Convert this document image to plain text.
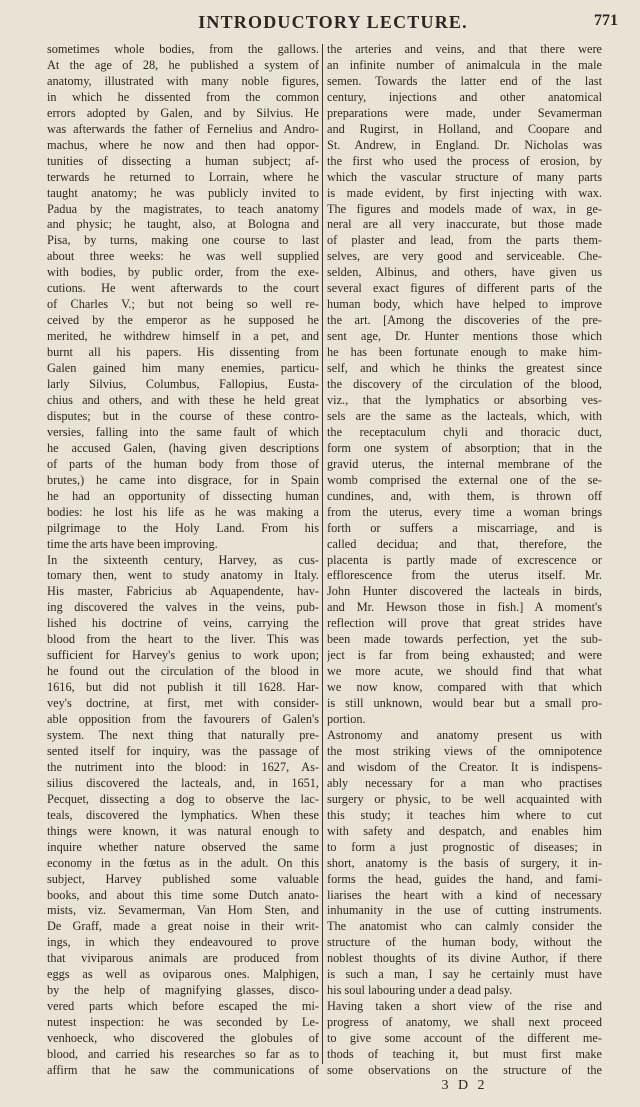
INTRODUCTORY LECTURE.	771
sometimes whole bodies, from the gallows.
At the age of 28, he published a system of
anatomy, illustrated with many noble figures,
in which he dissented from the common
errors adopted by Galen, and by Silvius. He
was afterwards the father of Fernelius and Andro-
machus, where he now and then had oppor-
tunities of dissecting a human subject; af-
terwards he returned to Lorrain, where he
taught anatomy; he was publicly invited to
Padua by the magistrates, to teach anatomy
and physic; he taught, also, at Bologna and
Pisa, by turns, making one course to last
about three weeks: he was well supplied
with bodies, by public order, from the exe-
cutions. He went afterwards to the court
of Charles V.; but not being so well re-
ceived by the emperor as he supposed he
merited, he withdrew himself in a pet, and
burnt all his papers. His dissenting from
Galen gained him many enemies, particu-
larly Silvius, Columbus, Fallopius, Eusta-
chius and others, and with these he held great
disputes; but in the course of these contro-
versies, falling into the same fault of which
he accused Galen, (having given descriptions
of parts of the human body from those of
brutes,) he came into disgrace, for in Spain
he had an opportunity of dissecting human
bodies: he lost his life as he was making a
pilgrimage to the Holy Land. From his
time the arts have been improving.
In the sixteenth century, Harvey, as cus-
tomary then, went to study anatomy in Italy.
His master, Fabricius ab Aquapendente, hav-
ing discovered the valves in the veins, pub-
lished his doctrine of veins, carrying the
blood from the heart to the liver. This was
sufficient for Harvey's genius to work upon;
he found out the circulation of the blood in
1616, but did not publish it till 1628. Har-
vey's doctrine, at first, met with consider-
able opposition from the favourers of Galen's
system. The next thing that naturally pre-
sented itself for inquiry, was the passage of
the nutriment into the blood: in 1627, As-
silius discovered the lacteals, and, in 1651,
Pecquet, dissecting a dog to observe the lac-
teals, discovered the lymphatics. When these
things were known, it was natural enough to
inquire whether nature observed the same
economy in the fœtus as in the adult. On this
subject, Harvey published some valuable
books, and about this time some Dutch anato-
mists, viz. Sevamerman, Van Hom Sten, and
De Graff, made a great noise in their writ-
ings, in which they endeavoured to prove
that viviparous animals are produced from
eggs as well as oviparous ones. Malphigen,
by the help of magnifying glasses, disco-
vered parts which before escaped the mi-
nutest inspection: he was seconded by Le-
venhoeck, who discovered the globules of
blood, and carried his researches so far as to
affirm that he saw the communications of
the arteries and veins, and that there were
an infinite number of animalcula in the male
semen. Towards the latter end of the last
century, injections and other anatomical
preparations were made, under Sevamerman
and Rugirst, in Holland, and Coopare and
St. Andrew, in England. Dr. Nicholas was
the first who used the process of erosion, by
which the vascular structure of many parts
is made evident, by first injecting with wax.
The figures and models made of wax, in ge-
neral are all very inaccurate, but those made
of plaster and lead, from the parts them-
selves, are very good and serviceable. Che-
selden, Albinus, and others, have given us
several exact figures of different parts of the
human body, which have helped to improve
the art. [Among the discoveries of the pre-
sent age, Dr. Hunter mentions those which
he has been fortunate enough to make him-
self, and which he thinks the greatest since
the discovery of the circulation of the blood,
viz., that the lymphatics or absorbing ves-
sels are the same as the lacteals, which, with
the receptaculum chyli and thoracic duct,
form one system of absorption; that in the
gravid uterus, the internal membrane of the
womb comprised the external one of the se-
cundines, and, with them, is thrown off
from the uterus, every time a woman brings
forth or suffers a miscarriage, and is
called decidua; and that, therefore, the
placenta is partly made of excrescence or
efflorescence from the uterus itself. Mr.
John Hunter discovered the lacteals in birds,
and Mr. Hewson those in fish.] A moment's
reflection will prove that great strides have
been made towards perfection, yet the sub-
ject is far from being exhausted; and were
we more acute, we should find that what
we now know, compared with that which
is still unknown, would bear but a small pro-
portion.
Astronomy and anatomy present us with
the most striking views of the omnipotence
and wisdom of the Creator. It is indispens-
ably necessary for a man who practises
surgery or physic, to be well acquainted with
this study; it teaches him where to cut
with safety and despatch, and enables him
to form a just prognostic of diseases; in
short, anatomy is the basis of surgery, it in-
forms the head, guides the hand, and fami-
liarises the heart with a kind of necessary
inhumanity in the use of cutting instruments.
The anatomist who can calmly consider the
structure of the human body, without the
noblest thoughts of its divine Author, if there
is such a man, I say he certainly must have
his soul labouring under a dead palsy.
Having taken a short view of the rise and
progress of anatomy, we shall next proceed
to give some account of the different me-
thods of teaching it, but must first make
some observations on the structure of the
3 D 2
